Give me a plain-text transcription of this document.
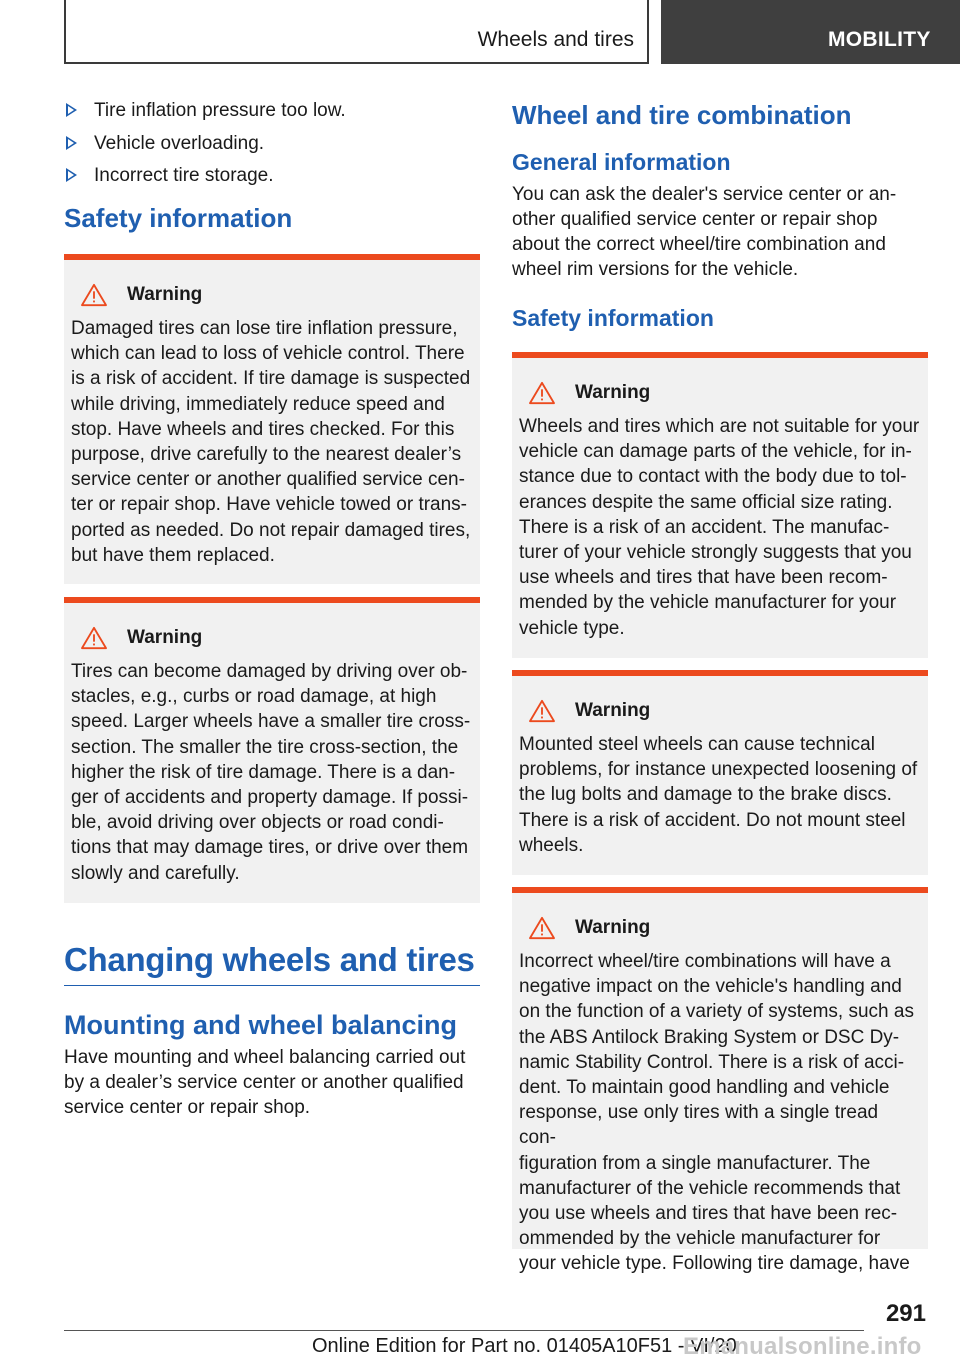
Wheels and tires	MOBILITY
Tire inflation pressure too low.
Vehicle overloading.
Incorrect tire storage.
Safety information
Warning
Damaged tires can lose tire inflation pressure,
which can lead to loss of vehicle control. There
is a risk of accident. If tire damage is suspected
while driving, immediately reduce speed and
stop. Have wheels and tires checked. For this
purpose, drive carefully to the nearest dealer’s
service center or another qualified service cen‐
ter or repair shop. Have vehicle towed or trans‐
ported as needed. Do not repair damaged tires,
but have them replaced.
Warning
Tires can become damaged by driving over ob‐
stacles, e.g., curbs or road damage, at high
speed. Larger wheels have a smaller tire cross-
section. The smaller the tire cross-section, the
higher the risk of tire damage. There is a dan‐
ger of accidents and property damage. If possi‐
ble, avoid driving over objects or road condi‐
tions that may damage tires, or drive over them
slowly and carefully.
Changing wheels and tires
Mounting and wheel balancing
Have mounting and wheel balancing carried out
by a dealer’s service center or another qualified
service center or repair shop.
Wheel and tire combination
General information
You can ask the dealer's service center or an‐
other qualified service center or repair shop
about the correct wheel/tire combination and
wheel rim versions for the vehicle.
Safety information
Warning
Wheels and tires which are not suitable for your
vehicle can damage parts of the vehicle, for in‐
stance due to contact with the body due to tol‐
erances despite the same official size rating.
There is a risk of an accident. The manufac‐
turer of your vehicle strongly suggests that you
use wheels and tires that have been recom‐
mended by the vehicle manufacturer for your
vehicle type.
Warning
Mounted steel wheels can cause technical
problems, for instance unexpected loosening of
the lug bolts and damage to the brake discs.
There is a risk of accident. Do not mount steel
wheels.
Warning
Incorrect wheel/tire combinations will have a
negative impact on the vehicle's handling and
on the function of a variety of systems, such as
the ABS Antilock Braking System or DSC Dy‐
namic Stability Control. There is a risk of acci‐
dent. To maintain good handling and vehicle
response, use only tires with a single tread con‐
figuration from a single manufacturer. The
manufacturer of the vehicle recommends that
you use wheels and tires that have been rec‐
ommended by the vehicle manufacturer for
your vehicle type. Following tire damage, have
291
Online Edition for Part no. 01405A10F51 - VI/20
Emanualsonline.info
